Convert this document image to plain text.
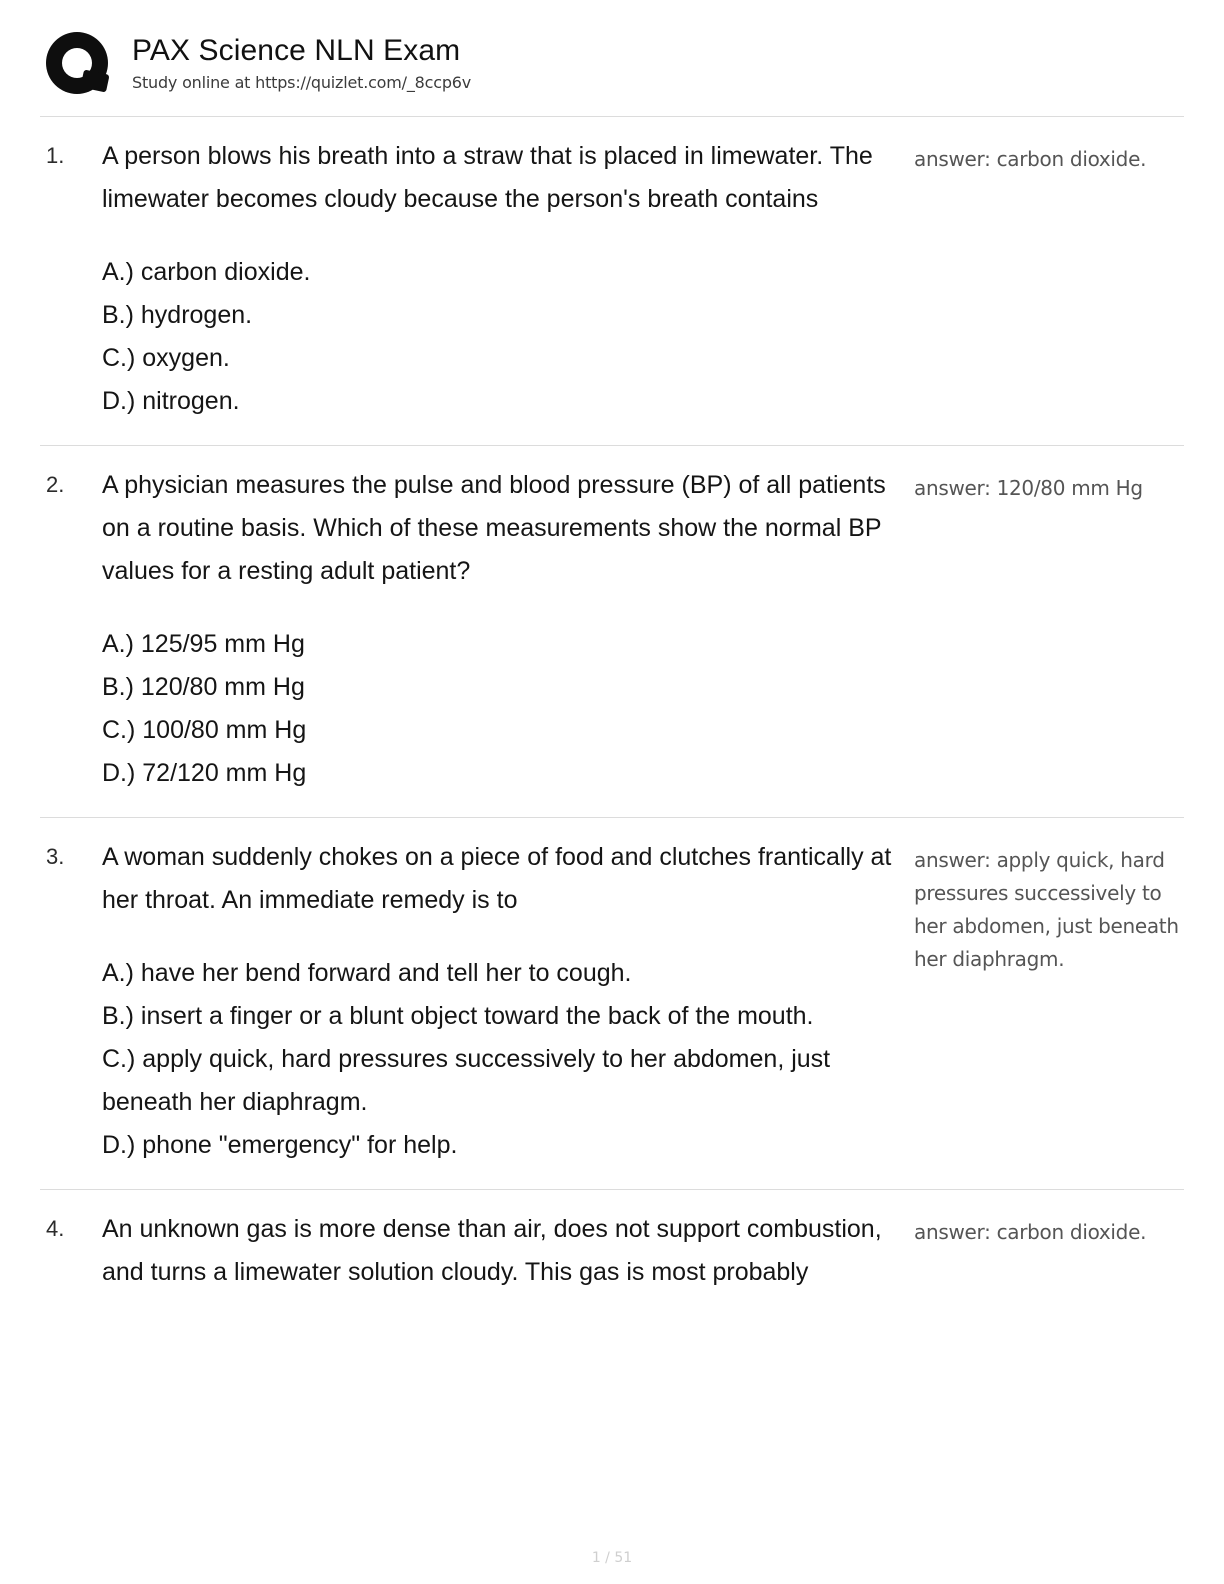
PAX Science NLN Exam
Study online at https://quizlet.com/_8ccp6v
1.	A person blows his breath into a straw that is placed in limewater. The limewater becomes cloudy because the person's breath contains
A.) carbon dioxide.
B.) hydrogen.
C.) oxygen.
D.) nitrogen.
answer: carbon dioxide.
2.	A physician measures the pulse and blood pressure (BP) of all patients on a routine basis. Which of these measurements show the normal BP values for a resting adult patient?
A.) 125/95 mm Hg
B.) 120/80 mm Hg
C.) 100/80 mm Hg
D.) 72/120 mm Hg
answer: 120/80 mm Hg
3.	A woman suddenly chokes on a piece of food and clutches frantically at her throat. An immediate remedy is to
A.) have her bend forward and tell her to cough.
B.) insert a finger or a blunt object toward the back of the mouth.
C.) apply quick, hard pressures successively to her abdomen, just beneath her diaphragm.
D.) phone "emergency" for help.
answer: apply quick, hard pressures successively to her abdomen, just beneath her diaphragm.
4.	An unknown gas is more dense than air, does not support combustion, and turns a limewater solution cloudy. This gas is most probably
answer: carbon dioxide.
1 / 51
